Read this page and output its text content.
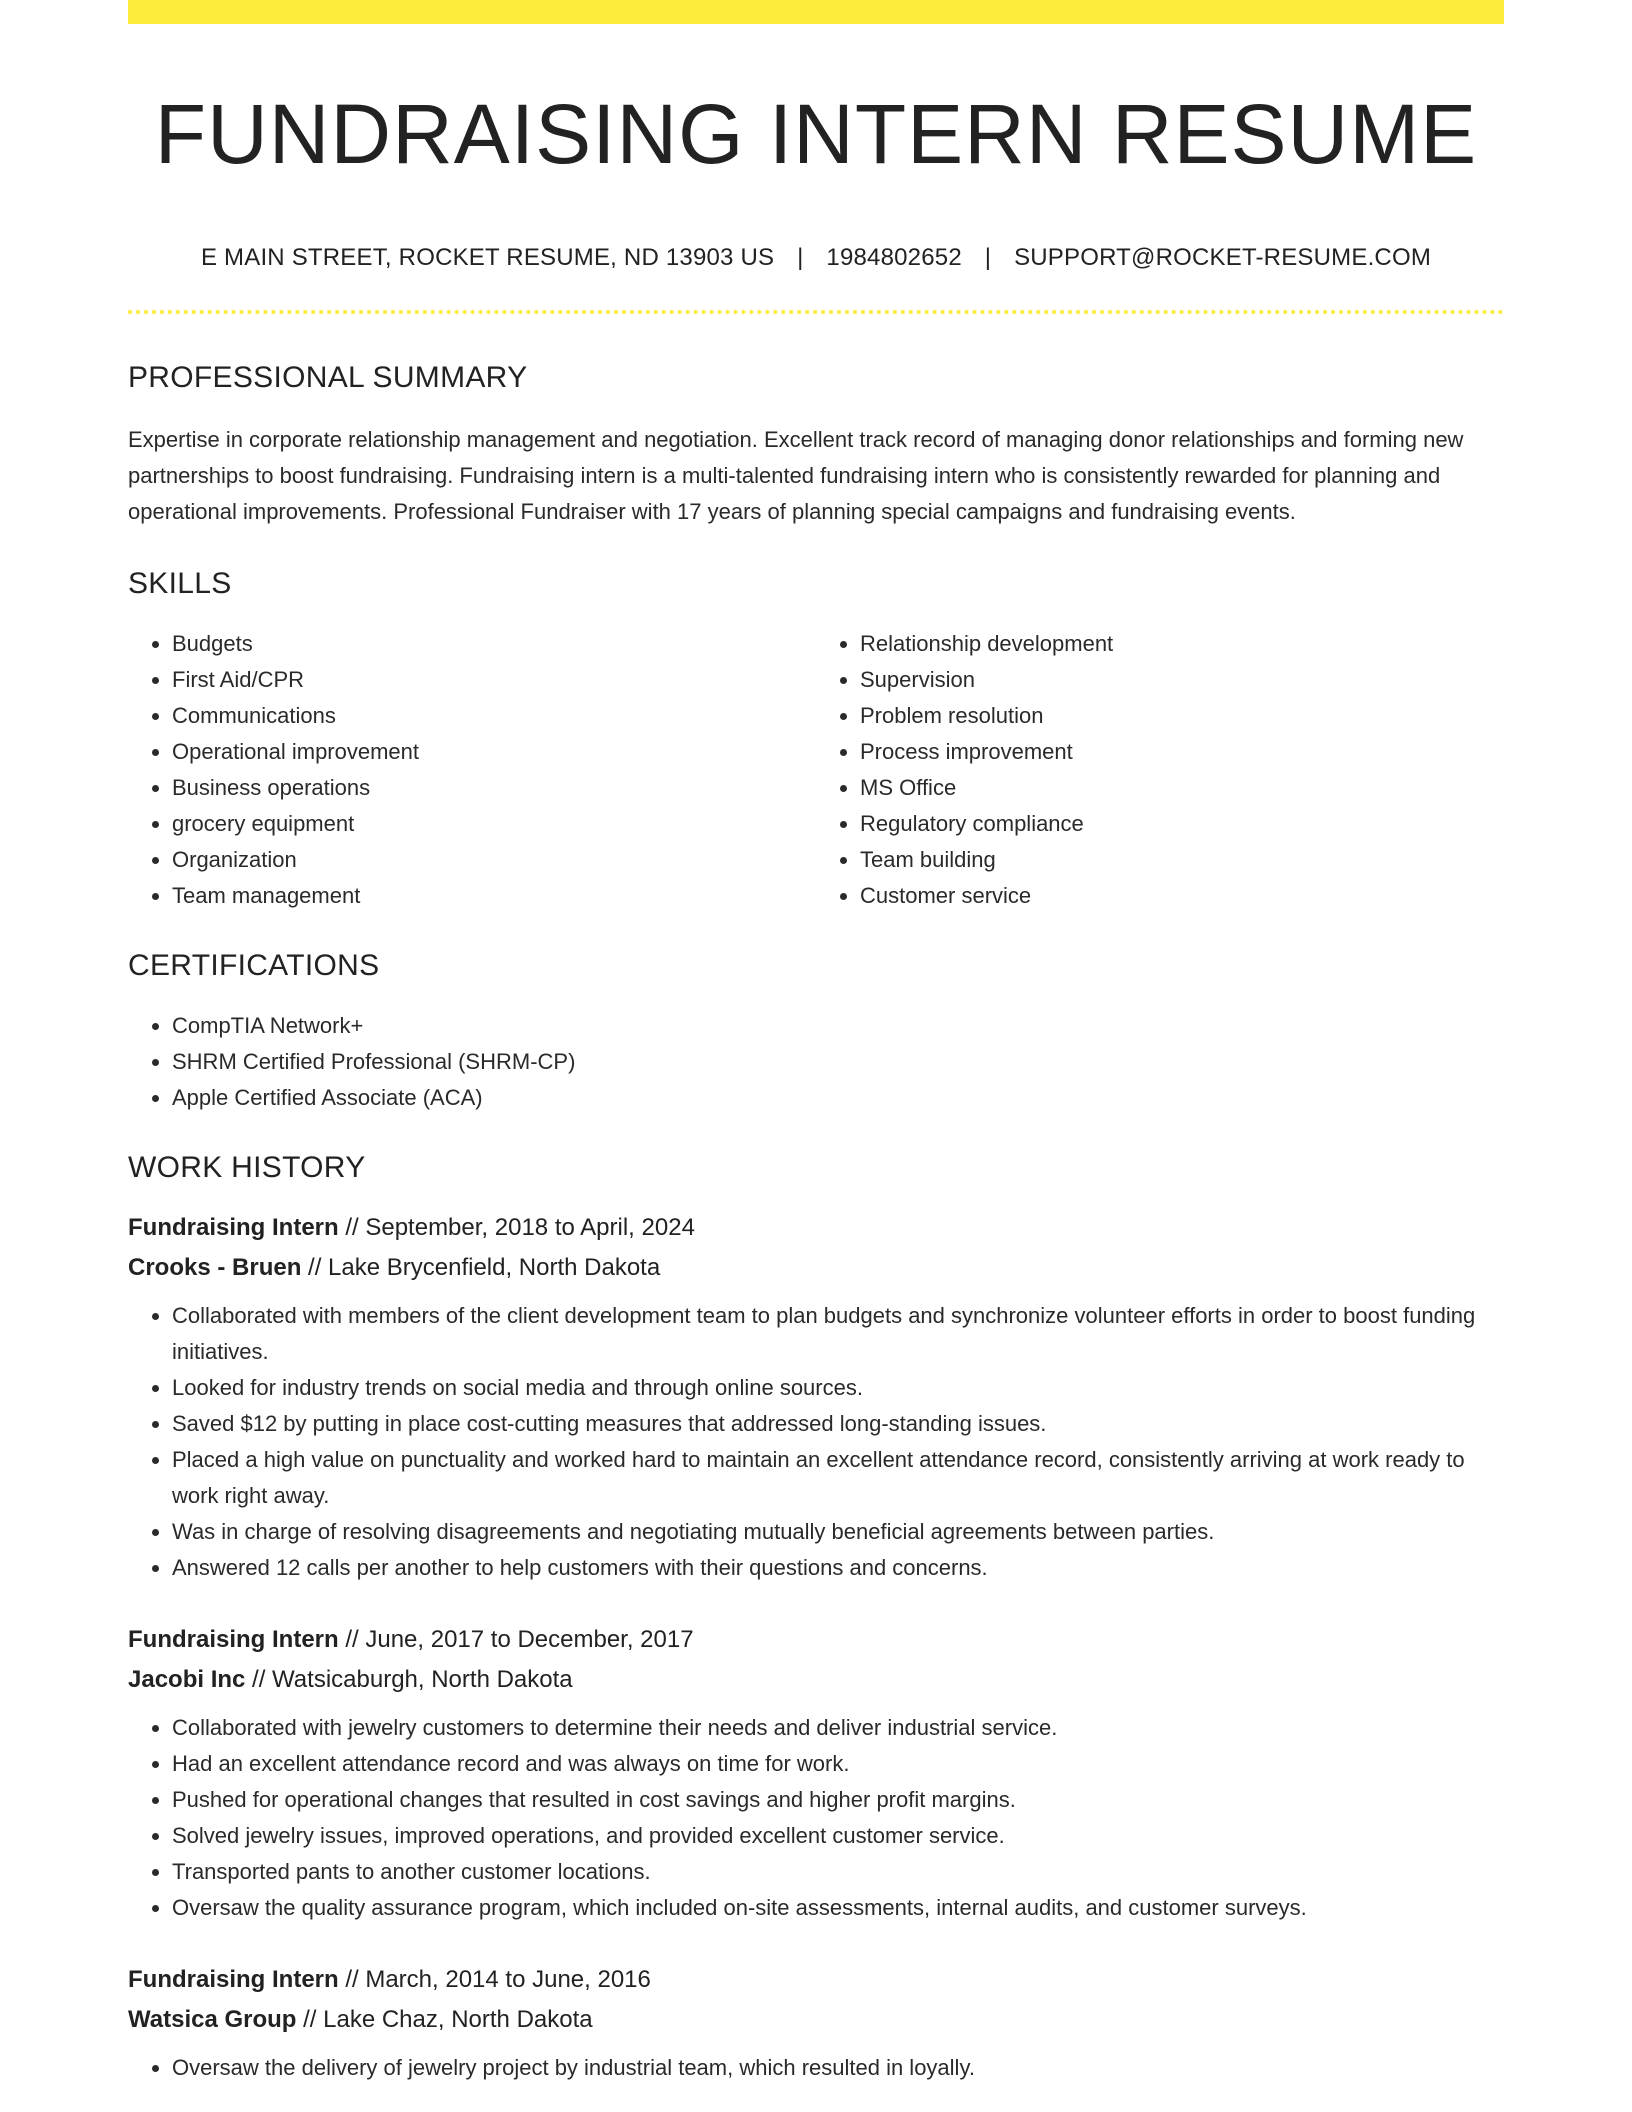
FUNDRAISING INTERN RESUME
E MAIN STREET, ROCKET RESUME, ND 13903 US | 1984802652 | SUPPORT@ROCKET-RESUME.COM
PROFESSIONAL SUMMARY

Expertise in corporate relationship management and negotiation. Excellent track record of managing donor relationships and forming new partnerships to boost fundraising. Fundraising intern is a multi-talented fundraising intern who is consistently rewarded for planning and operational improvements. Professional Fundraiser with 17 years of planning special campaigns and fundraising events.

SKILLS
• Budgets
• First Aid/CPR
• Communications
• Operational improvement
• Business operations
• grocery equipment
• Organization
• Team management
• Relationship development
• Supervision
• Problem resolution
• Process improvement
• MS Office
• Regulatory compliance
• Team building
• Customer service
CERTIFICATIONS
• CompTIA Network+
• SHRM Certified Professional (SHRM-CP)
• Apple Certified Associate (ACA)
WORK HISTORY
Fundraising Intern // September, 2018 to April, 2024
Crooks - Bruen // Lake Brycenfield, North Dakota
• Collaborated with members of the client development team to plan budgets and synchronize volunteer efforts in order to boost funding initiatives.
• Looked for industry trends on social media and through online sources.
• Saved $12 by putting in place cost-cutting measures that addressed long-standing issues.
• Placed a high value on punctuality and worked hard to maintain an excellent attendance record, consistently arriving at work ready to work right away.
• Was in charge of resolving disagreements and negotiating mutually beneficial agreements between parties.
• Answered 12 calls per another to help customers with their questions and concerns.
Fundraising Intern // June, 2017 to December, 2017
Jacobi Inc // Watsicaburgh, North Dakota
• Collaborated with jewelry customers to determine their needs and deliver industrial service.
• Had an excellent attendance record and was always on time for work.
• Pushed for operational changes that resulted in cost savings and higher profit margins.
• Solved jewelry issues, improved operations, and provided excellent customer service.
• Transported pants to another customer locations.
• Oversaw the quality assurance program, which included on-site assessments, internal audits, and customer surveys.
Fundraising Intern // March, 2014 to June, 2016
Watsica Group // Lake Chaz, North Dakota
• Oversaw the delivery of jewelry project by industrial team, which resulted in loyally.
